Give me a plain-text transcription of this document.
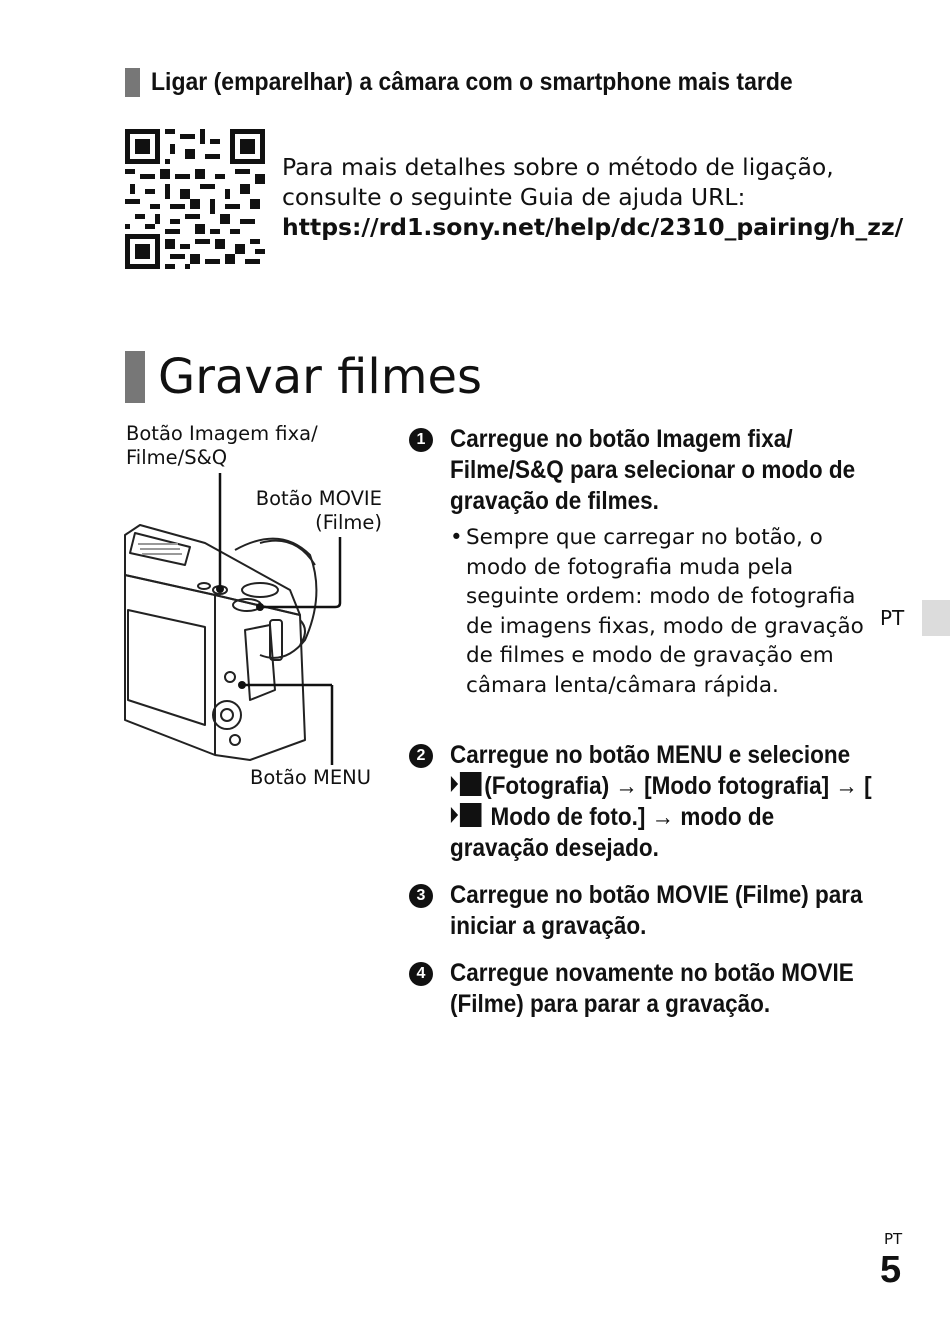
Ligar (emparelhar) a câmara com o smartphone mais tarde
Para mais detalhes sobre o método de ligação, consulte o seguinte Guia de ajuda URL:
https://rd1.sony.net/help/dc/2310_pairing/h_zz/
Gravar filmes
Botão Imagem fixa/
Filme/S&Q
Botão MOVIE
(Filme)
Botão MENU
1 Carregue no botão Imagem fixa/ Filme/S&Q para selecionar o modo de gravação de filmes.
• Sempre que carregar no botão, o modo de fotografia muda pela seguinte ordem: modo de fotografia de imagens fixas, modo de gravação de filmes e modo de gravação em câmara lenta/câmara rápida.
2 Carregue no botão MENU e selecione (Fotografia) → [Modo fotografia] → [ Modo de foto.] → modo de gravação desejado.
3 Carregue no botão MOVIE (Filme) para iniciar a gravação.
4 Carregue novamente no botão MOVIE (Filme) para parar a gravação.
PT
PT
5
